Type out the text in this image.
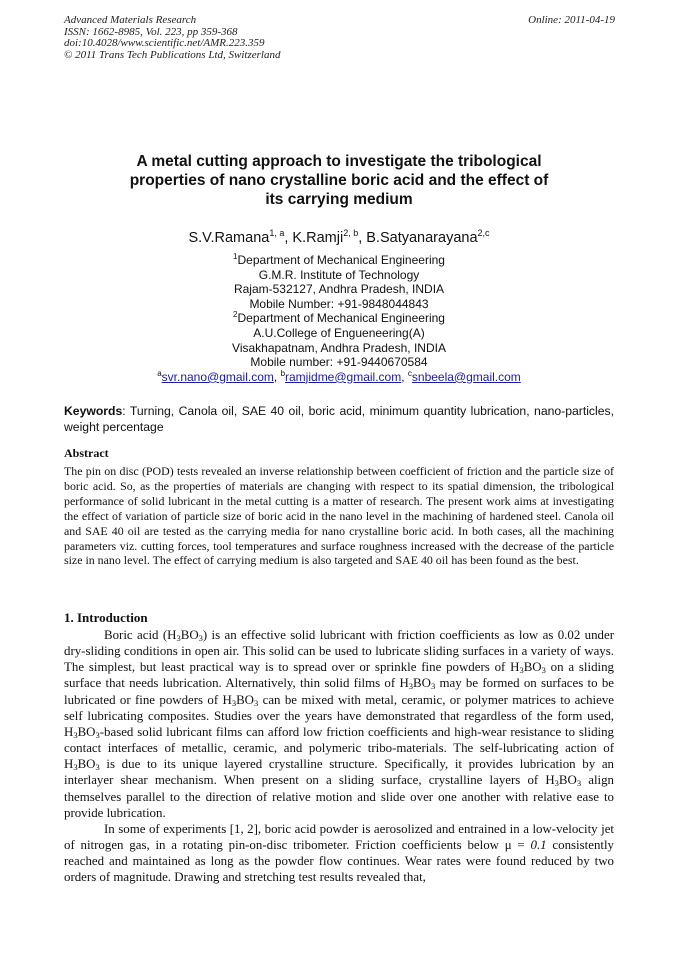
Advanced Materials Research
ISSN: 1662-8985, Vol. 223, pp 359-368
doi:10.4028/www.scientific.net/AMR.223.359
© 2011 Trans Tech Publications Ltd, Switzerland
Online: 2011-04-19
A metal cutting approach to investigate the tribological
properties of nano crystalline boric acid and the effect of
its carrying medium
S.V.Ramana$^{1, a}$, K.Ramji$^{2, b}$, B.Satyanarayana$^{2,c}$
$^1$Department of Mechanical Engineering
G.M.R. Institute of Technology
Rajam-532127, Andhra Pradesh, INDIA
Mobile Number: +91-9848044843
$^2$Department of Mechanical Engineering
A.U.College of Engueneering(A)
Visakhapatnam, Andhra Pradesh, INDIA
Mobile number: +91-9440670584
$^a$svr.nano@gmail.com, $^b$ramjidme@gmail.com, $^c$snbeela@gmail.com
Keywords: Turning, Canola oil, SAE 40 oil, boric acid, minimum quantity lubrication, nano-particles, weight percentage
Abstract
The pin on disc (POD) tests revealed an inverse relationship between coefficient of friction and the particle size of boric acid. So, as the properties of materials are changing with respect to its spatial dimension, the tribological performance of solid lubricant in the metal cutting is a matter of research. The present work aims at investigating the effect of variation of particle size of boric acid in the nano level in the machining of hardened steel. Canola oil and SAE 40 oil are tested as the carrying media for nano crystalline boric acid. In both cases, all the machining parameters viz. cutting forces, tool temperatures and surface roughness increased with the decrease of the particle size in nano level. The effect of carrying medium is also targeted and SAE 40 oil has been found as the best.
1. Introduction

Boric acid $(H_3BO_3)$ is an effective solid lubricant with friction coefficients as low as 0.02 under dry-sliding conditions in open air. This solid can be used to lubricate sliding surfaces in a variety of ways. The simplest, but least practical way is to spread over or sprinkle fine powders of $H_3BO_3$ on a sliding surface that needs lubrication. Alternatively, thin solid films of $H_3BO_3$ may be formed on surfaces to be lubricated or fine powders of $H_3BO_3$ can be mixed with metal, ceramic, or polymer matrices to achieve self lubricating composites. Studies over the years have demonstrated that regardless of the form used, $H_3BO_3$-based solid lubricant films can afford low friction coefficients and high-wear resistance to sliding contact interfaces of metallic, ceramic, and polymeric tribo-materials. The self-lubricating action of $H_3BO_3$ is due to its unique layered crystalline structure. Specifically, it provides lubrication by an interlayer shear mechanism. When present on a sliding surface, crystalline layers of $H_3BO_3$ align themselves parallel to the direction of relative motion and slide over one another with relative ease to provide lubrication.

In some of experiments [1, 2], boric acid powder is aerosolized and entrained in a low-velocity jet of nitrogen gas, in a rotating pin-on-disc tribometer. Friction coefficients below μ = 0.1 consistently reached and maintained as long as the powder flow continues. Wear rates were found reduced by two orders of magnitude. Drawing and stretching test results revealed that,
